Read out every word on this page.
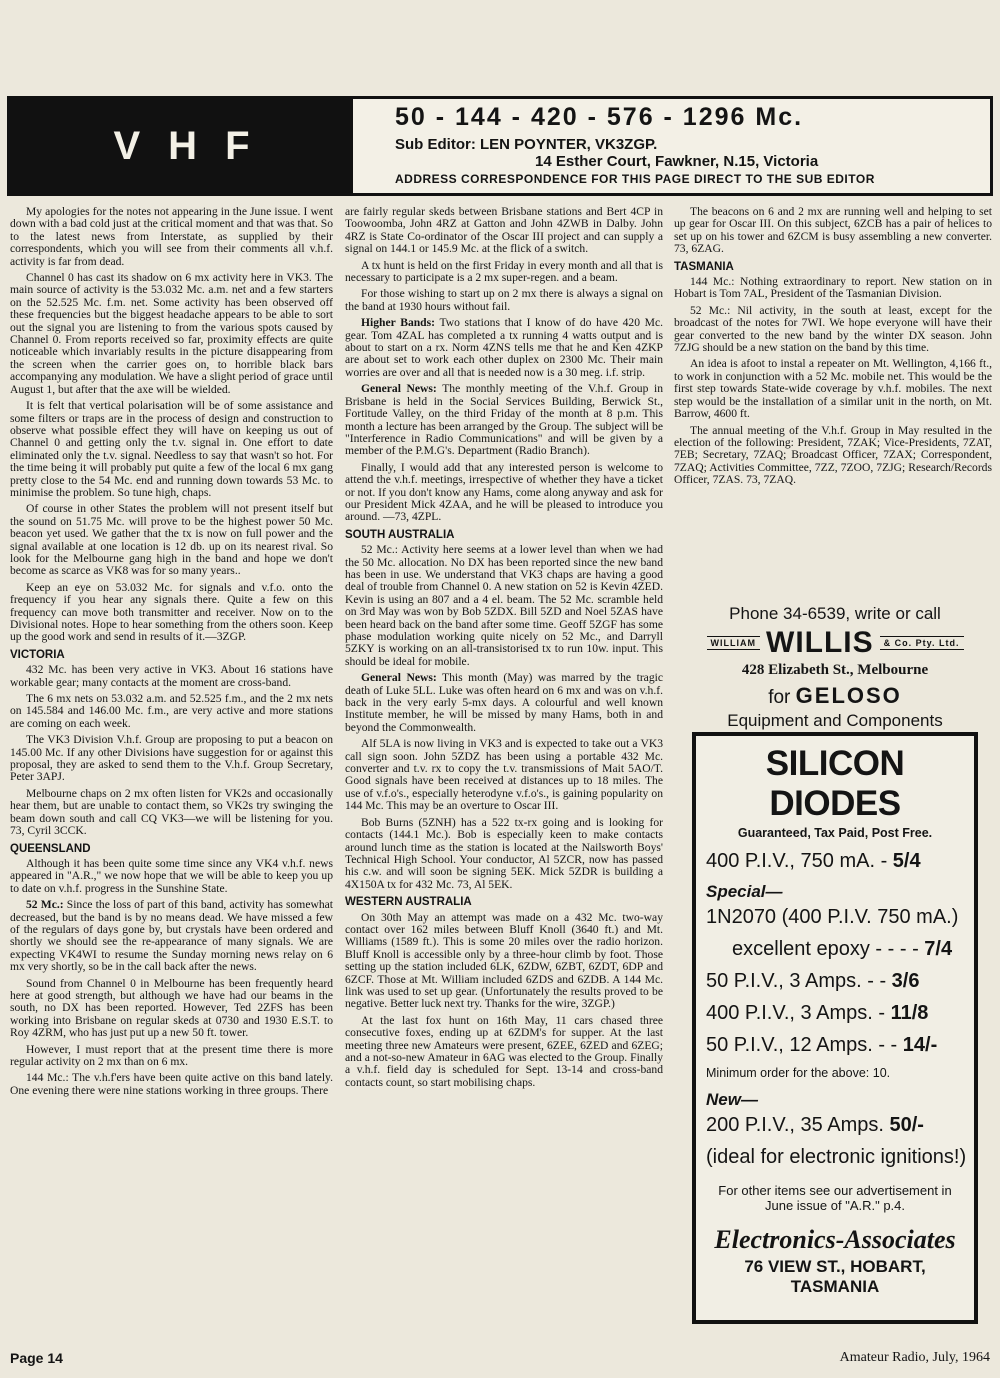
VHF

50 - 144 - 420 - 576 - 1296 Mc.

Sub Editor: LEN POYNTER, VK3ZGP.

14 Esther Court, Fawkner, N.15, Victoria

ADDRESS CORRESPONDENCE FOR THIS PAGE DIRECT TO THE SUB EDITOR

My apologies for the notes not appearing in the June issue. I went down with a bad cold just at the critical moment and that was that. So to the latest news from Interstate, as supplied by their correspondents, which you will see from their comments all v.h.f. activity is far from dead.

Channel 0 has cast its shadow on 6 mx activity here in VK3. The main source of activity is the 53.032 Mc. a.m. net and a few starters on the 52.525 Mc. f.m. net. Some activity has been observed off these frequencies but the biggest headache appears to be able to sort out the signal you are listening to from the various spots caused by Channel 0. From reports received so far, proximity effects are quite noticeable which invariably results in the picture disappearing from the screen when the carrier goes on, to horrible black bars accompanying any modulation. We have a slight period of grace until August 1, but after that the axe will be wielded.

It is felt that vertical polarisation will be of some assistance and some filters or traps are in the process of design and construction to observe what possible effect they will have on keeping us out of Channel 0 and getting only the t.v. signal in. One effort to date eliminated only the t.v. signal. Needless to say that wasn't so hot. For the time being it will probably put quite a few of the local 6 mx gang pretty close to the 54 Mc. end and running down towards 53 Mc. to minimise the problem. So tune high, chaps.

Of course in other States the problem will not present itself but the sound on 51.75 Mc. will prove to be the highest power 50 Mc. beacon yet used. We gather that the tx is now on full power and the signal available at one location is 12 db. up on its nearest rival. So look for the Melbourne gang high in the band and hope we don't become as scarce as VK8 was for so many years..

Keep an eye on 53.032 Mc. for signals and v.f.o. onto the frequency if you hear any signals there. Quite a few on this frequency can move both transmitter and receiver. Now on to the Divisional notes. Hope to hear something from the others soon. Keep up the good work and send in results of it.—3ZGP.

VICTORIA

432 Mc. has been very active in VK3. About 16 stations have workable gear; many contacts at the moment are cross-band.

The 6 mx nets on 53.032 a.m. and 52.525 f.m., and the 2 mx nets on 145.584 and 146.00 Mc. f.m., are very active and more stations are coming on each week.

The VK3 Division V.h.f. Group are proposing to put a beacon on 145.00 Mc. If any other Divisions have suggestion for or against this proposal, they are asked to send them to the V.h.f. Group Secretary, Peter 3APJ.

Melbourne chaps on 2 mx often listen for VK2s and occasionally hear them, but are unable to contact them, so VK2s try swinging the beam down south and call CQ VK3—we will be listening for you. 73, Cyril 3CCK.

QUEENSLAND

Although it has been quite some time since any VK4 v.h.f. news appeared in "A.R.," we now hope that we will be able to keep you up to date on v.h.f. progress in the Sunshine State.

52 Mc.: Since the loss of part of this band, activity has somewhat decreased, but the band is by no means dead. We have missed a few of the regulars of days gone by, but crystals have been ordered and shortly we should see the re-appearance of many signals. We are expecting VK4WI to resume the Sunday morning news relay on 6 mx very shortly, so be in the call back after the news.

Sound from Channel 0 in Melbourne has been frequently heard here at good strength, but although we have had our beams in the south, no DX has been reported. However, Ted 2ZFS has been working into Brisbane on regular skeds at 0730 and 1930 E.S.T. to Roy 4ZRM, who has just put up a new 50 ft. tower.

However, I must report that at the present time there is more regular activity on 2 mx than on 6 mx.

144 Mc.: The v.h.f'ers have been quite active on this band lately. One evening there were nine stations working in three groups. There

are fairly regular skeds between Brisbane stations and Bert 4CP in Toowoomba, John 4RZ at Gatton and John 4ZWB in Dalby. John 4RZ is State Co-ordinator of the Oscar III project and can supply a signal on 144.1 or 145.9 Mc. at the flick of a switch.

A tx hunt is held on the first Friday in every month and all that is necessary to participate is a 2 mx super-regen. and a beam.

For those wishing to start up on 2 mx there is always a signal on the band at 1930 hours without fail.

Higher Bands: Two stations that I know of do have 420 Mc. gear. Tom 4ZAL has completed a tx running 4 watts output and is about to start on a rx. Norm 4ZNS tells me that he and Ken 4ZKP are about set to work each other duplex on 2300 Mc. Their main worries are over and all that is needed now is a 30 meg. i.f. strip.

General News: The monthly meeting of the V.h.f. Group in Brisbane is held in the Social Services Building, Berwick St., Fortitude Valley, on the third Friday of the month at 8 p.m. This month a lecture has been arranged by the Group. The subject will be "Interference in Radio Communications" and will be given by a member of the P.M.G's. Department (Radio Branch).

Finally, I would add that any interested person is welcome to attend the v.h.f. meetings, irrespective of whether they have a ticket or not. If you don't know any Hams, come along anyway and ask for our President Mick 4ZAA, and he will be pleased to introduce you around. —73, 4ZPL.

SOUTH AUSTRALIA

52 Mc.: Activity here seems at a lower level than when we had the 50 Mc. allocation. No DX has been reported since the new band has been in use. We understand that VK3 chaps are having a good deal of trouble from Channel 0. A new station on 52 is Kevin 4ZED. Kevin is using an 807 and a 4 el. beam. The 52 Mc. scramble held on 3rd May was won by Bob 5ZDX. Bill 5ZD and Noel 5ZAS have been heard back on the band after some time. Geoff 5ZGF has some phase modulation working quite nicely on 52 Mc., and Darryll 5ZKY is working on an all-transistorised tx to run 10w. input. This should be ideal for mobile.

General News: This month (May) was marred by the tragic death of Luke 5LL. Luke was often heard on 6 mx and was on v.h.f. back in the very early 5-mx days. A colourful and well known Institute member, he will be missed by many Hams, both in and beyond the Commonwealth.

Alf 5LA is now living in VK3 and is expected to take out a VK3 call sign soon. John 5ZDZ has been using a portable 432 Mc. converter and t.v. rx to copy the t.v. transmissions of Mait 5AO/T. Good signals have been received at distances up to 18 miles. The use of v.f.o's., especially heterodyne v.f.o's., is gaining popularity on 144 Mc. This may be an overture to Oscar III.

Bob Burns (5ZNH) has a 522 tx-rx going and is looking for contacts (144.1 Mc.). Bob is especially keen to make contacts around lunch time as the station is located at the Nailsworth Boys' Technical High School. Your conductor, Al 5ZCR, now has passed his c.w. and will soon be signing 5EK. Mick 5ZDR is building a 4X150A tx for 432 Mc. 73, Al 5EK.

WESTERN AUSTRALIA

On 30th May an attempt was made on a 432 Mc. two-way contact over 162 miles between Bluff Knoll (3640 ft.) and Mt. Williams (1589 ft.). This is some 20 miles over the radio horizon. Bluff Knoll is accessible only by a three-hour climb by foot. Those setting up the station included 6LK, 6ZDW, 6ZBT, 6ZDT, 6DP and 6ZCF. Those at Mt. William included 6ZDS and 6ZDB. A 144 Mc. link was used to set up gear. (Unfortunately the results proved to be negative. Better luck next try. Thanks for the wire, 3ZGP.)

At the last fox hunt on 16th May, 11 cars chased three consecutive foxes, ending up at 6ZDM's for supper. At the last meeting three new Amateurs were present, 6ZEE, 6ZED and 6ZEG; and a not-so-new Amateur in 6AG was elected to the Group. Finally a v.h.f. field day is scheduled for Sept. 13-14 and cross-band contacts count, so start mobilising chaps.

The beacons on 6 and 2 mx are running well and helping to set up gear for Oscar III. On this subject, 6ZCB has a pair of helices to set up on his tower and 6ZCM is busy assembling a new converter. 73, 6ZAG.

TASMANIA

144 Mc.: Nothing extraordinary to report. New station on in Hobart is Tom 7AL, President of the Tasmanian Division.

52 Mc.: Nil activity, in the south at least, except for the broadcast of the notes for 7WI. We hope everyone will have their gear converted to the new band by the winter DX season. John 7ZJG should be a new station on the band by this time.

An idea is afoot to instal a repeater on Mt. Wellington, 4,166 ft., to work in conjunction with a 52 Mc. mobile net. This would be the first step towards State-wide coverage by v.h.f. mobiles. The next step would be the installation of a similar unit in the north, on Mt. Barrow, 4600 ft.

The annual meeting of the V.h.f. Group in May resulted in the election of the following: President, 7ZAK; Vice-Presidents, 7ZAT, 7EB; Secretary, 7ZAQ; Broadcast Officer, 7ZAX; Correspondent, 7ZAQ; Activities Committee, 7ZZ, 7ZOO, 7ZJG; Research/Records Officer, 7ZAS. 73, 7ZAQ.

Phone 34-6539, write or call

WILLIAM WILLIS	& Co. Pty. Ltd.

428 Elizabeth St., Melbourne

for GELOSO

Equipment and Components

SILICON DIODES

Guaranteed, Tax Paid, Post Free.

400 P.I.V., 750 mA. - 5/4

Special—

1N2070 (400 P.I.V. 750 mA.)

excellent epoxy - - - - 7/4

50 P.I.V., 3 Amps. - - 3/6

400 P.I.V., 3 Amps. - 11/8

50 P.I.V., 12 Amps. - - 14/-

Minimum order for the above: 10.

New—

200 P.I.V., 35 Amps. 50/-

(ideal for electronic ignitions!)

For other items see our advertisement in June issue of "A.R." p.4.

Electronics-Associates

76 VIEW ST., HOBART,

TASMANIA

Page 14	Amateur Radio, July, 1964
